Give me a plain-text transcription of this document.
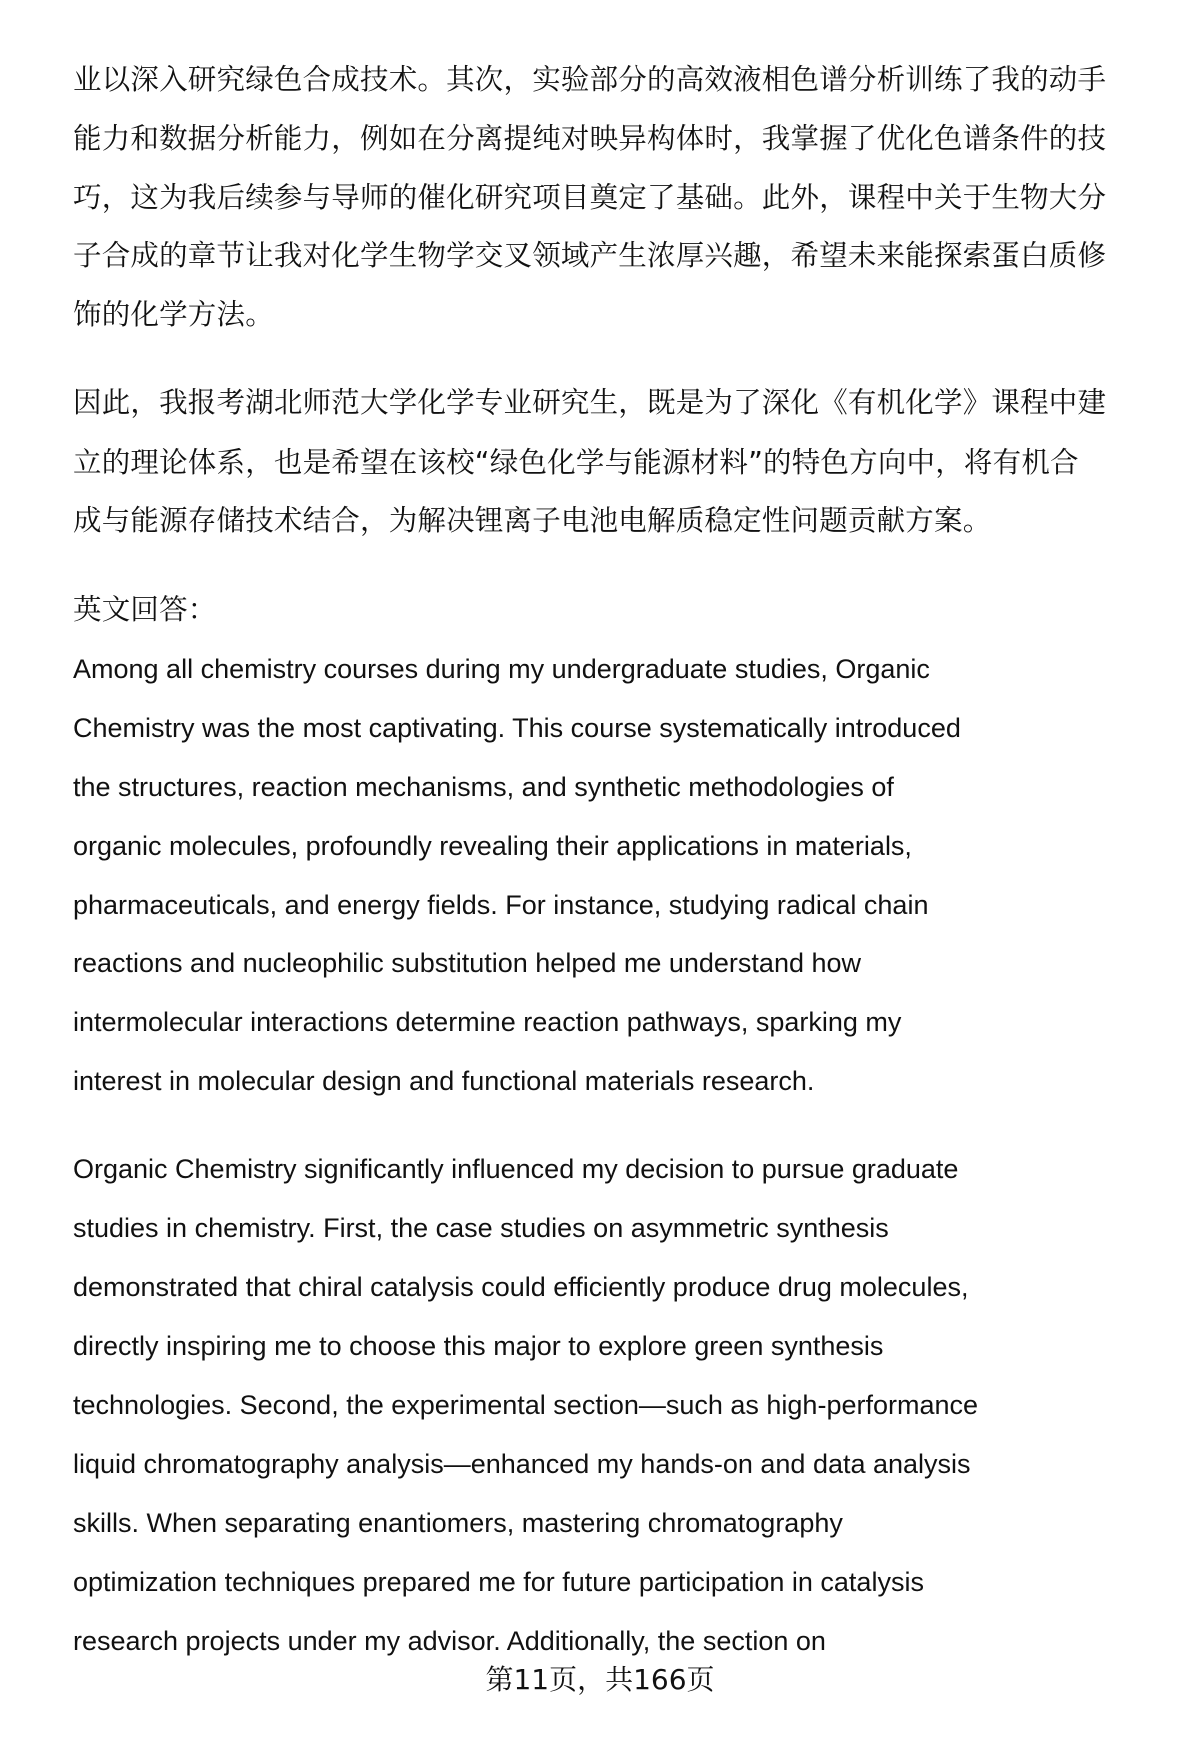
业以深入研究绿色合成技术。其次，实验部分的高效液相色谱分析训练了我的动手
能力和数据分析能力，例如在分离提纯对映异构体时，我掌握了优化色谱条件的技
巧，这为我后续参与导师的催化研究项目奠定了基础。此外，课程中关于生物大分
子合成的章节让我对化学生物学交叉领域产生浓厚兴趣，希望未来能探索蛋白质修
饰的化学方法。
因此，我报考湖北师范大学化学专业研究生，既是为了深化《有机化学》课程中建
立的理论体系，也是希望在该校“绿色化学与能源材料”的特色方向中，将有机合
成与能源存储技术结合，为解决锂离子电池电解质稳定性问题贡献方案。
英文回答：
Among all chemistry courses during my undergraduate studies, Organic
Chemistry was the most captivating. This course systematically introduced
the structures, reaction mechanisms, and synthetic methodologies of
organic molecules, profoundly revealing their applications in materials,
pharmaceuticals, and energy fields. For instance, studying radical chain
reactions and nucleophilic substitution helped me understand how
intermolecular interactions determine reaction pathways, sparking my
interest in molecular design and functional materials research.
Organic Chemistry significantly influenced my decision to pursue graduate
studies in chemistry. First, the case studies on asymmetric synthesis
demonstrated that chiral catalysis could efficiently produce drug molecules,
directly inspiring me to choose this major to explore green synthesis
technologies. Second, the experimental section—such as high-performance
liquid chromatography analysis—enhanced my hands-on and data analysis
skills. When separating enantiomers, mastering chromatography
optimization techniques prepared me for future participation in catalysis
research projects under my advisor. Additionally, the section on
第11页，共166页
